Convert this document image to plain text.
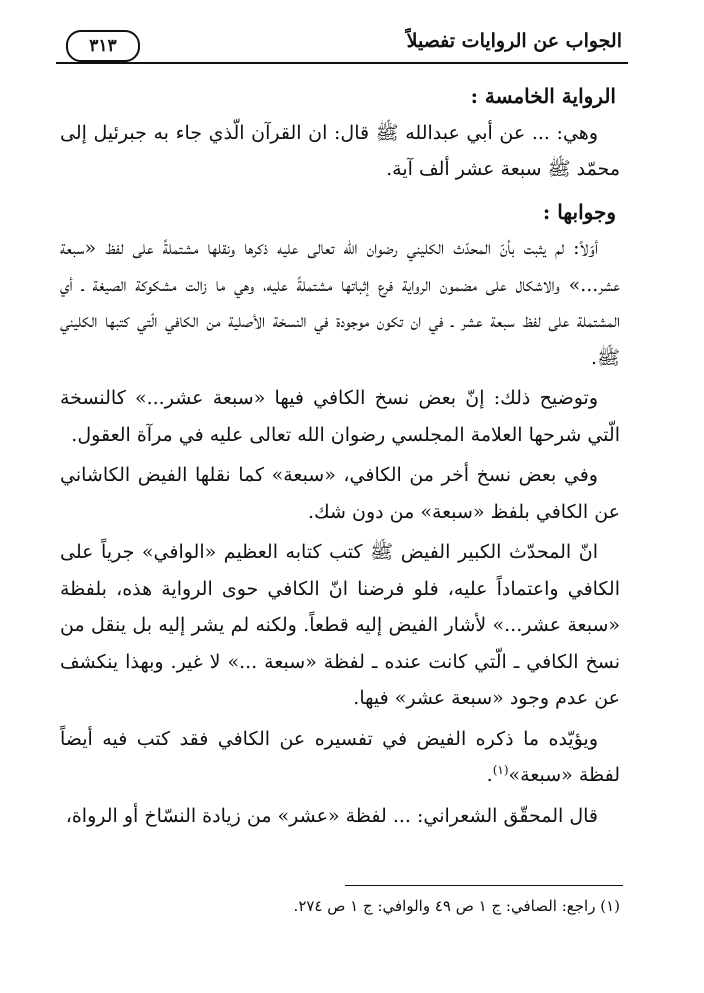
الجواب عن الروايات تفصيلاً
٣١٣

الرواية الخامسة :

وهي: ... عن أبي عبدالله ﷺ قال: ان القرآن الّذي جاء به جبرئيل إلى محمّد ﷺ سبعة عشر ألف آية.

وجوابها :

أوّلاً: لم يثبت بأنّ المحدّث الكليني رضوان الله تعالى عليه ذكرها ونقلها مشتملةً على لفظ «سبعة عشر...» والاشكال على مضمون الرواية فرع إثباتها مشتملةً عليه، وهي ما زالت مشكوكة الصيغة ـ أي المشتملة على لفظ سبعة عشر ـ في ان تكون موجودة في النسخة الأصلية من الكافي الّتي كتبها الكليني ﷺ.

وتوضيح ذلك: إنّ بعض نسخ الكافي فيها «سبعة عشر...» كالنسخة الّتي شرحها العلامة المجلسي رضوان الله تعالى عليه في مرآة العقول.

وفي بعض نسخ أخر من الكافي، «سبعة» كما نقلها الفيض الكاشاني عن الكافي بلفظ «سبعة» من دون شك.

انّ المحدّث الكبير الفيض ﷺ كتب كتابه العظيم «الوافي» جرياً على الكافي واعتماداً عليه، فلو فرضنا انّ الكافي حوى الرواية هذه، بلفظة «سبعة عشر...» لأشار الفيض إليه قطعاً. ولكنه لم يشر إليه بل ينقل من نسخ الكافي ـ الّتي كانت عنده ـ لفظة «سبعة ...» لا غير. وبهذا ينكشف عن عدم وجود «سبعة عشر» فيها.

ويؤيّده ما ذكره الفيض في تفسيره عن الكافي فقد كتب فيه أيضاً لفظة «سبعة»$^{(١)}$.

قال المحقّق الشعراني: ... لفظة «عشر» من زيادة النسّاخ أو الرواة،

(١) راجع: الصافي: ج ١ ص ٤٩ والوافي: ج ١ ص ٢٧٤.
